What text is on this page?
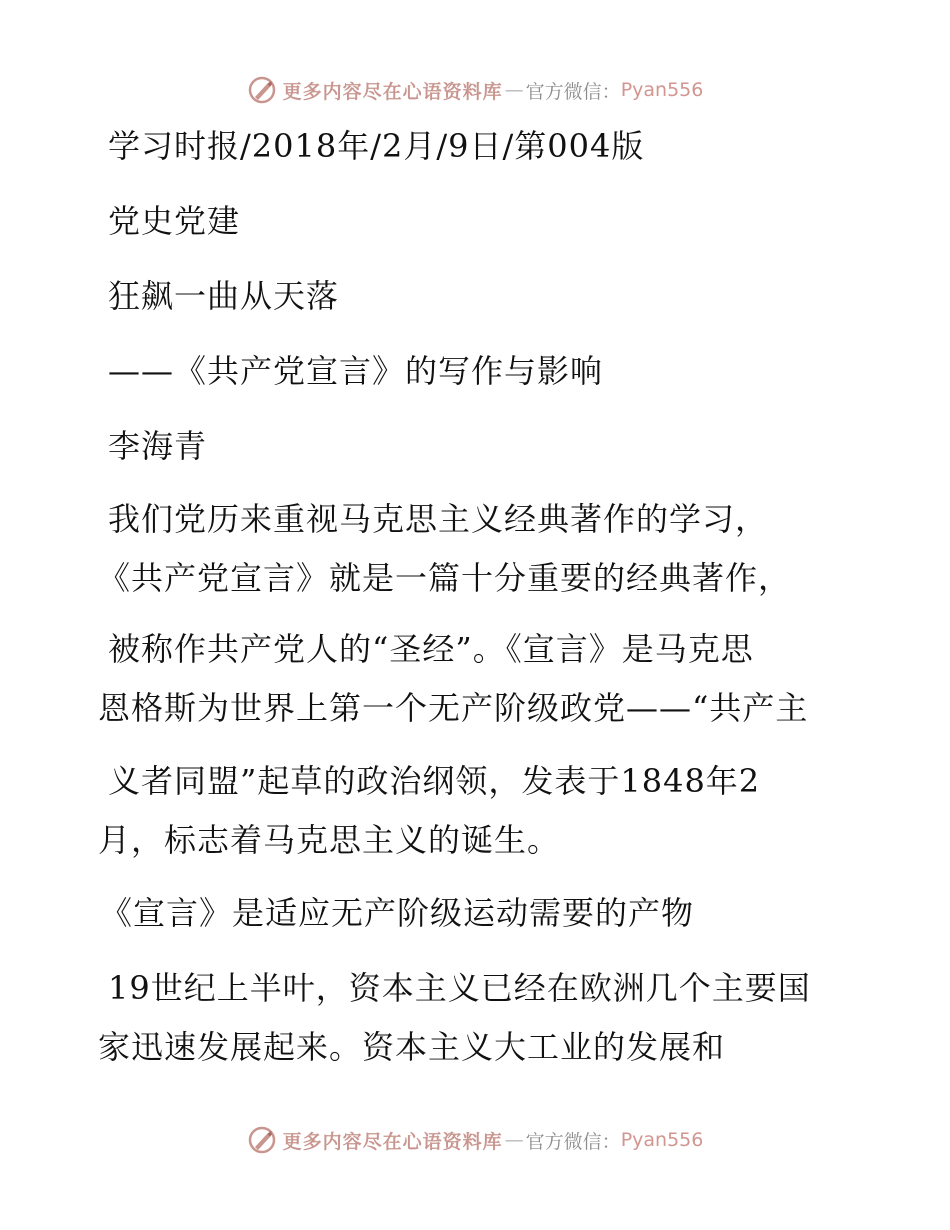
更多内容尽在心语资料库 — 官方微信： Pyan556
学习时报/2018年/2月/9日/第004版
党史党建
狂飙一曲从天落
——《共产党宣言》的写作与影响
李海青
我们党历来重视马克思主义经典著作的学习，
《共产党宣言》就是一篇十分重要的经典著作，
被称作共产党人的“圣经”。《宣言》是马克思
恩格斯为世界上第一个无产阶级政党——“共产主
义者同盟”起草的政治纲领，发表于1848年2
月，标志着马克思主义的诞生。
《宣言》是适应无产阶级运动需要的产物
19世纪上半叶，资本主义已经在欧洲几个主要国
家迅速发展起来。资本主义大工业的发展和
更多内容尽在心语资料库 — 官方微信： Pyan556
